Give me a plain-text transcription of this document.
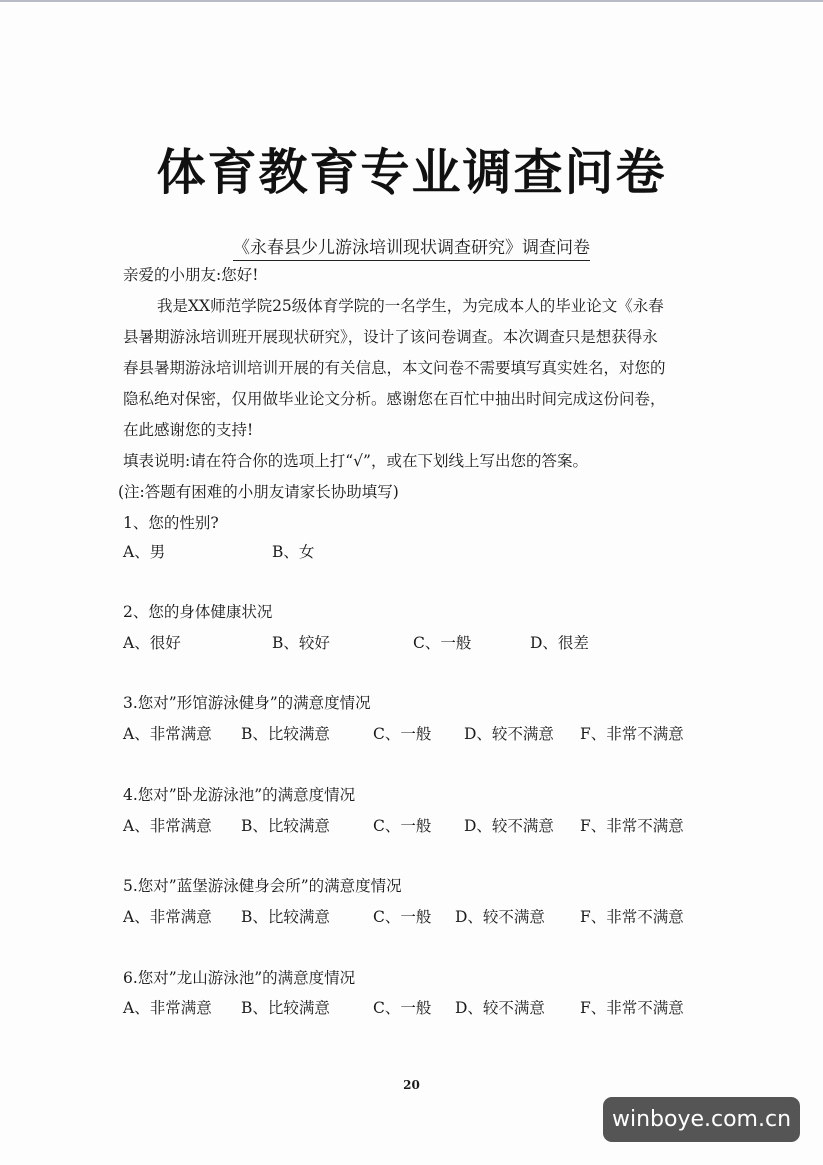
体育教育专业调查问卷
《永春县少儿游泳培训现状调查研究》调查问卷
亲爱的小朋友:您好!
我是XX师范学院25级体育学院的一名学生，为完成本人的毕业论文《永春
县暑期游泳培训班开展现状研究》，设计了该问卷调查。本次调查只是想获得永
春县暑期游泳培训培训开展的有关信息，本文问卷不需要填写真实姓名，对您的
隐私绝对保密，仅用做毕业论文分析。感谢您在百忙中抽出时间完成这份问卷，
在此感谢您的支持!
填表说明:请在符合你的选项上打“√”，或在下划线上写出您的答案。
(注:答题有困难的小朋友请家长协助填写)
1、您的性别?
A、男	B、女
2、您的身体健康状况
A、很好	B、较好	C、一般	D、很差
3.您对”形馆游泳健身”的满意度情况
A、非常满意 B、比较满意	C、一般 D、较不满意 F、非常不满意
4.您对”卧龙游泳池”的满意度情况
A、非常满意 B、比较满意	C、一般 D、较不满意 F、非常不满意
5.您对”蓝堡游泳健身会所”的满意度情况
A、非常满意 B、比较满意	C、一般 D、较不满意 F、非常不满意
6.您对”龙山游泳池”的满意度情况
A、非常满意 B、比较满意	C、一般 D、较不满意 F、非常不满意
20
winboye.com.cn
